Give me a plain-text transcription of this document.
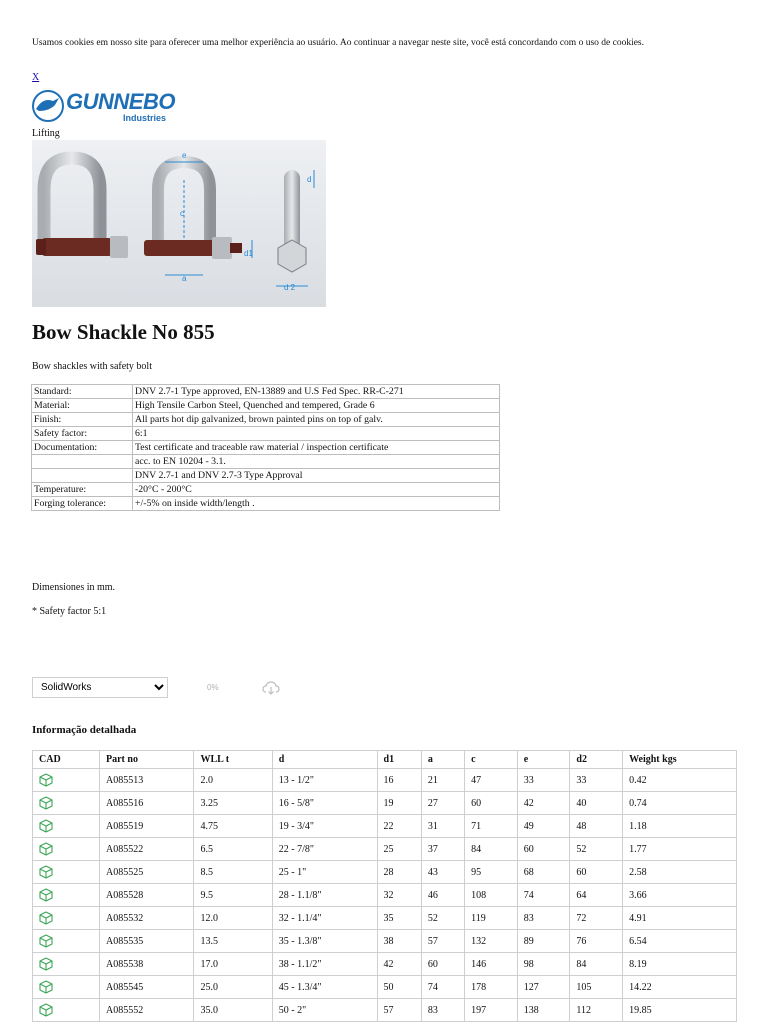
Usamos cookies em nosso site para oferecer uma melhor experiência ao usuário. Ao continuar a navegar neste site, você está concordando com o uso de cookies.
X
GUNNEBO
Industries
Lifting
e
c
a
d1
d
d 2
Bow Shackle No 855
Bow shackles with safety bolt
Standard:	DNV 2.7-1 Type approved, EN-13889 and U.S Fed Spec. RR-C-271
Material:	High Tensile Carbon Steel, Quenched and tempered, Grade 6
Finish:	All parts hot dip galvanized, brown painted pins on top of galv.
Safety factor:	6:1
Documentation:	Test certificate and traceable raw material / inspection certificate
	acc. to EN 10204 - 3.1.
	DNV 2.7-1 and DNV 2.7-3 Type Approval
Temperature:	-20°C - 200°C
Forging tolerance:	+/-5% on inside width/length .
Dimensiones in mm.
* Safety factor 5:1
SolidWorks
0%
Informação detalhada
CAD	Part no	WLL t	d	d1	a	c	e	d2	Weight kgs
	A085513	2.0	13 - 1/2"	16	21	47	33	33	0.42
	A085516	3.25	16 - 5/8"	19	27	60	42	40	0.74
	A085519	4.75	19 - 3/4"	22	31	71	49	48	1.18
	A085522	6.5	22 - 7/8"	25	37	84	60	52	1.77
	A085525	8.5	25 - 1"	28	43	95	68	60	2.58
	A085528	9.5	28 - 1.1/8"	32	46	108	74	64	3.66
	A085532	12.0	32 - 1.1/4"	35	52	119	83	72	4.91
	A085535	13.5	35 - 1.3/8"	38	57	132	89	76	6.54
	A085538	17.0	38 - 1.1/2"	42	60	146	98	84	8.19
	A085545	25.0	45 - 1.3/4"	50	74	178	127	105	14.22
	A085552	35.0	50 - 2"	57	83	197	138	112	19.85
